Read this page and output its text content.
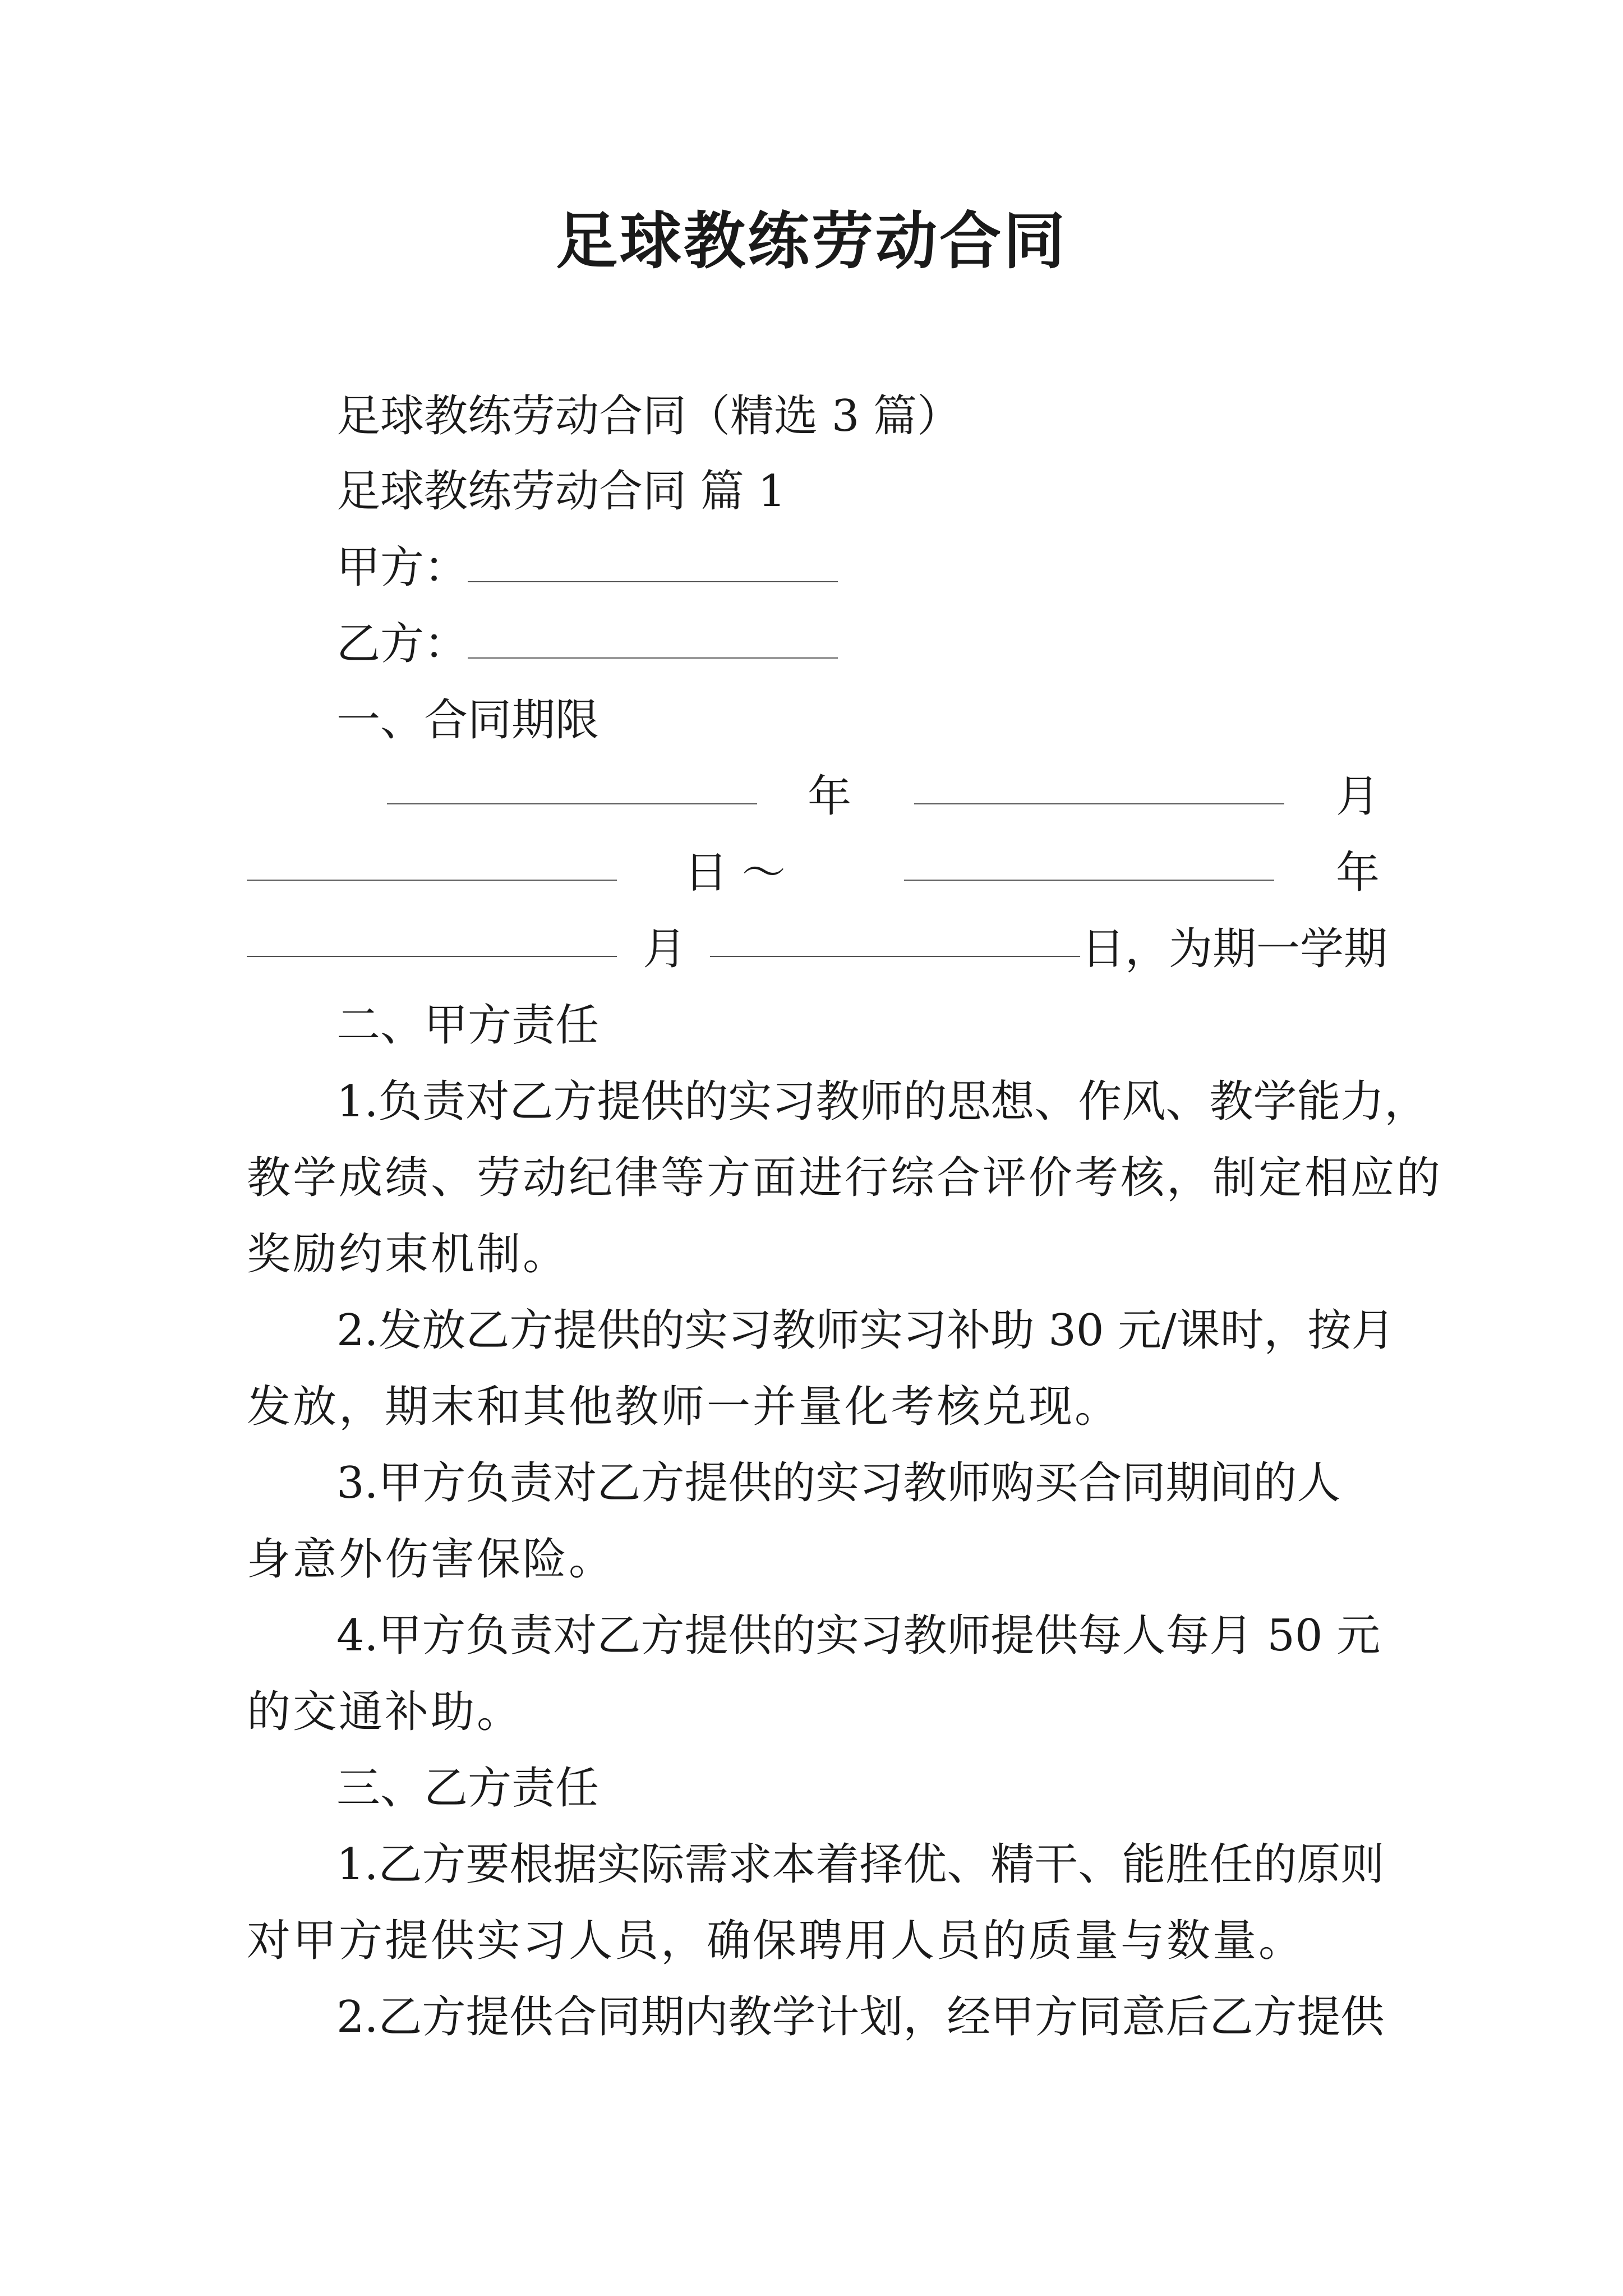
足球教练劳动合同
足球教练劳动合同（精选 3 篇）
足球教练劳动合同 篇 1
甲方：
乙方：
一、合同期限
年	月
日 ～	年
月	日，为期一学期
二、甲方责任
1.负责对乙方提供的实习教师的思想、作风、教学能力，
教学成绩、劳动纪律等方面进行综合评价考核，制定相应的
奖励约束机制。
2.发放乙方提供的实习教师实习补助 30 元/课时，按月
发放，期末和其他教师一并量化考核兑现。
3.甲方负责对乙方提供的实习教师购买合同期间的人
身意外伤害保险。
4.甲方负责对乙方提供的实习教师提供每人每月 50 元
的交通补助。
三、乙方责任
1.乙方要根据实际需求本着择优、精干、能胜任的原则
对甲方提供实习人员，确保聘用人员的质量与数量。
2.乙方提供合同期内教学计划，经甲方同意后乙方提供
